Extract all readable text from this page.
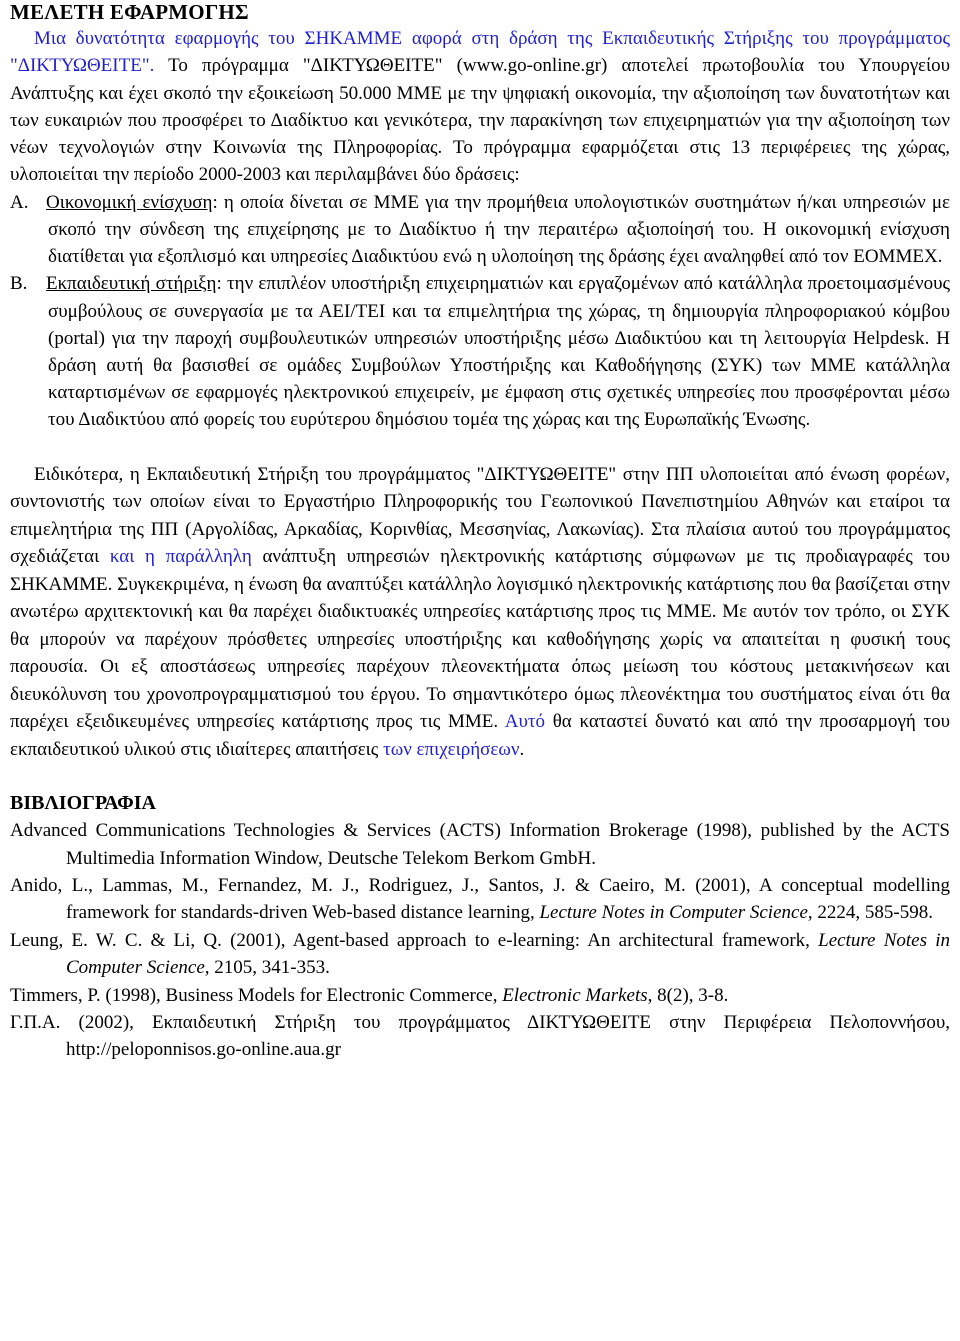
ΜΕΛΕΤΗ ΕΦΑΡΜΟΓΗΣ

Μια δυνατότητα εφαρμογής του ΣΗΚΑΜΜΕ αφορά στη δράση της Εκπαιδευτικής Στήριξης του προγράμματος "ΔΙΚΤΥΩΘΕΙΤΕ". Το πρόγραμμα "ΔΙΚΤΥΩΘΕΙΤΕ" (www.go-online.gr) αποτελεί πρωτοβουλία του Υπουργείου Ανάπτυξης και έχει σκοπό την εξοικείωση 50.000 ΜΜΕ με την ψηφιακή οικονομία, την αξιοποίηση των δυνατοτήτων και των ευκαιριών που προσφέρει το Διαδίκτυο και γενικότερα, την παρακίνηση των επιχειρηματιών για την αξιοποίηση των νέων τεχνολογιών στην Κοινωνία της Πληροφορίας. Το πρόγραμμα εφαρμόζεται στις 13 περιφέρειες της χώρας, υλοποιείται την περίοδο 2000-2003 και περιλαμβάνει δύο δράσεις:

Α. Οικονομική ενίσχυση: η οποία δίνεται σε ΜΜΕ για την προμήθεια υπολογιστικών συστημάτων ή/και υπηρεσιών με σκοπό την σύνδεση της επιχείρησης με το Διαδίκτυο ή την περαιτέρω αξιοποίησή του. Η οικονομική ενίσχυση διατίθεται για εξοπλισμό και υπηρεσίες Διαδικτύου ενώ η υλοποίηση της δράσης έχει αναληφθεί από τον ΕΟΜΜΕΧ.
Β. Εκπαιδευτική στήριξη: την επιπλέον υποστήριξη επιχειρηματιών και εργαζομένων από κατάλληλα προετοιμασμένους συμβούλους σε συνεργασία με τα ΑΕΙ/ΤΕΙ και τα επιμελητήρια της χώρας, τη δημιουργία πληροφοριακού κόμβου (portal) για την παροχή συμβουλευτικών υπηρεσιών υποστήριξης μέσω Διαδικτύου και τη λειτουργία Helpdesk. Η δράση αυτή θα βασισθεί σε ομάδες Συμβούλων Υποστήριξης και Καθοδήγησης (ΣΥΚ) των ΜΜΕ κατάλληλα καταρτισμένων σε εφαρμογές ηλεκτρονικού επιχειρείν, με έμφαση στις σχετικές υπηρεσίες που προσφέρονται μέσω του Διαδικτύου από φορείς του ευρύτερου δημόσιου τομέα της χώρας και της Ευρωπαϊκής Ένωσης.

Ειδικότερα, η Εκπαιδευτική Στήριξη του προγράμματος "ΔΙΚΤΥΩΘΕΙΤΕ" στην ΠΠ υλοποιείται από ένωση φορέων, συντονιστής των οποίων είναι το Εργαστήριο Πληροφορικής του Γεωπονικού Πανεπιστημίου Αθηνών και εταίροι τα επιμελητήρια της ΠΠ (Αργολίδας, Αρκαδίας, Κορινθίας, Μεσσηνίας, Λακωνίας). Στα πλαίσια αυτού του προγράμματος σχεδιάζεται και η παράλληλη ανάπτυξη υπηρεσιών ηλεκτρονικής κατάρτισης σύμφωνων με τις προδιαγραφές του ΣΗΚΑΜΜΕ. Συγκεκριμένα, η ένωση θα αναπτύξει κατάλληλο λογισμικό ηλεκτρονικής κατάρτισης που θα βασίζεται στην ανωτέρω αρχιτεκτονική και θα παρέχει διαδικτυακές υπηρεσίες κατάρτισης προς τις ΜΜΕ. Με αυτόν τον τρόπο, οι ΣΥΚ θα μπορούν να παρέχουν πρόσθετες υπηρεσίες υποστήριξης και καθοδήγησης χωρίς να απαιτείται η φυσική τους παρουσία. Οι εξ αποστάσεως υπηρεσίες παρέχουν πλεονεκτήματα όπως μείωση του κόστους μετακινήσεων και διευκόλυνση του χρονοπρογραμματισμού του έργου. Το σημαντικότερο όμως πλεονέκτημα του συστήματος είναι ότι θα παρέχει εξειδικευμένες υπηρεσίες κατάρτισης προς τις ΜΜΕ. Αυτό θα καταστεί δυνατό και από την προσαρμογή του εκπαιδευτικού υλικού στις ιδιαίτερες απαιτήσεις των επιχειρήσεων.

ΒΙΒΛΙΟΓΡΑΦΙΑ

Advanced Communications Technologies & Services (ACTS) Information Brokerage (1998), published by the ACTS Multimedia Information Window, Deutsche Telekom Berkom GmbH.

Anido, L., Lammas, M., Fernandez, M. J., Rodriguez, J., Santos, J. & Caeiro, M. (2001), A conceptual modelling framework for standards-driven Web-based distance learning, Lecture Notes in Computer Science, 2224, 585-598.

Leung, E. W. C. & Li, Q. (2001), Agent-based approach to e-learning: An architectural framework, Lecture Notes in Computer Science, 2105, 341-353.

Timmers, P. (1998), Business Models for Electronic Commerce, Electronic Markets, 8(2), 3-8.

Γ.Π.Α. (2002), Εκπαιδευτική Στήριξη του προγράμματος ΔΙΚΤΥΩΘΕΙΤΕ στην Περιφέρεια Πελοποννήσου, http://peloponnisos.go-online.aua.gr
